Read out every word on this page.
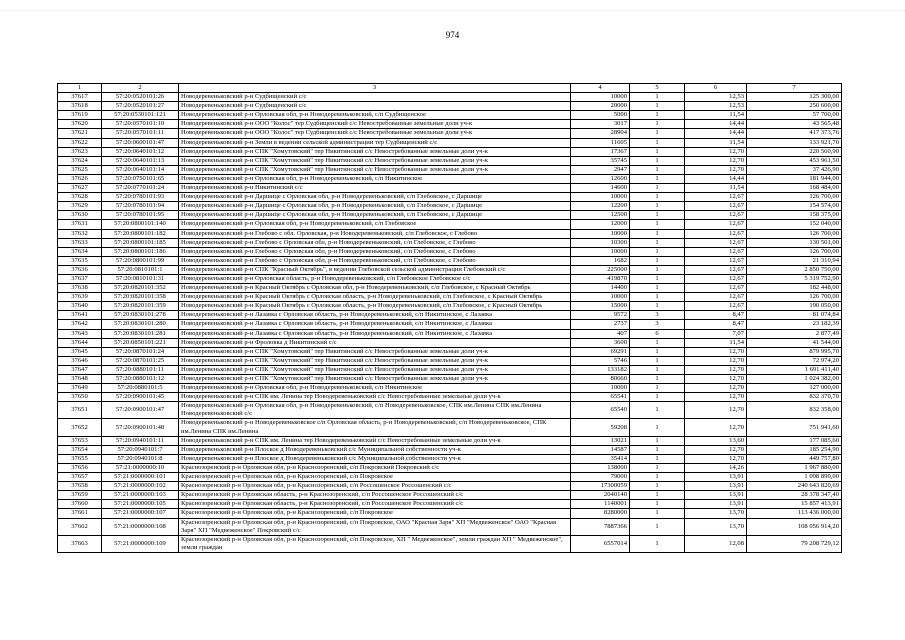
974
1	2	3	4	5	6	7
37617	57:20:0520101:26	Новодеревеньковский р-н Судбищенский с/с	10000	1	12,53	125 300,00
37618	57:20:0520101:27	Новодеревеньковский р-н Судбищенский с/с	20000	1	12,53	250 600,00
37619	57:20:0530101:121	Новодеревеньковский р-н Орловская обл, р-н Новодеревеньковский, с/п Судбищенское	5000	1	11,54	57 700,00
37620	57:20:0570101:10	Новодеревеньковский р-н ООО "Колос" тер Судбищенский с/с Невостребованные земельные доли уч-к	3017	1	14,44	43 565,48
37621	57:20:0570101:11	Новодеревеньковский р-н ООО "Колос" тер Судбищенский с/с Невостребованные земельные доли уч-к	28904	1	14,44	417 373,76
37622	57:20:0600101:47	Новодеревеньковский р-н Земли в ведении сельской администрации тер Судбищенский с/с	11605	1	11,54	133 921,70
37623	57:20:0640101:12	Новодеревеньковский р-н СПК "Хомутовский" тер Никитинский с/с Невостребованные земельные доли уч-к	17367	1	12,70	220 560,90
37624	57:20:0640101:13	Новодеревеньковский р-н СПК "Хомутовский" тер Никитинский с/с Невостребованные земельные доли уч-к	35745	1	12,70	453 961,50
37625	57:20:0640101:14	Новодеревеньковский р-н СПК "Хомутовский" тер Никитинский с/с Невостребованные земельные доли уч-к	2947	1	12,70	37 426,90
37626	57:20:0750101:65	Новодеревеньковский р-н Орловская обл, р-н Новодеревеньковский, с/п Никитинское	12600	1	14,44	181 944,00
37627	57:20:0770101:24	Новодеревеньковский р-н Никитинский с/с	14600	1	11,54	168 484,00
37628	57:20:0780101:93	Новодеревеньковский р-н Даршице с Орловская обл, р-н Новодеревеньковский, с/п Глебовское, с Даршице	10000	1	12,67	126 700,00
37629	57:20:0780101:94	Новодеревеньковский р-н Даршице с Орловская обл, р-н Новодеревеньковский, с/п Глебовское, с Даршице	12200	1	12,67	154 574,00
37630	57:20:0780101:95	Новодеревеньковский р-н Даршице с Орловская обл, р-н Новодеревеньковский, с/п Глебовское, с Даршице	12500	1	12,67	158 375,00
37631	57:20:0800101:140	Новодеревеньковский р-н Орловская обл, р-н Новодеревеньковский, с/п Глебовское	12000	1	12,67	152 040,00
37632	57:20:0800101:182	Новодеревеньковский р-н Глебово с обл. Орловская, р-н Новодеревеньковский, с/п Глебовское, с Глебово	10000	1	12,67	126 700,00
37633	57:20:0800101:185	Новодеревеньковский р-н Глебово с Орловская обл, р-н Новодеревеньковский, с/п Глебовское, с Глебово	10300	1	12,67	130 501,00
37634	57:20:0800101:186	Новодеревеньковский р-н Глебово с Орловская обл, р-н Новодеревеньковский, с/п Глебовское, с Глебово	10000	1	12,67	126 700,00
37635	57:20:0800101:99	Новодеревеньковский р-н Глебово с Орловская обл, р-н Новодеревеньковский, с/п Глебовское, с Глебово	1682	1	12,67	21 310,94
37636	57:20:0810101:1	Новодеревеньковский р-н СПК "Красный Октябрь", в ведении Глебовской сельской администрации Глебовский с/с	225000	1	12,67	2 850 750,00
37637	57:20:0810101:31	Новодеревеньковский р-н Орловская область, р-н Новодеревеньковский, с/п Глебовское Глебовское с/с	419870	1	12,67	5 319 752,90
37638	57:20:0820101:352	Новодеревеньковский р-н Красный Октябрь с Орловская обл, р-н Новодеревеньковский, с/п Глебовское, с Красный Октябрь	14400	1	12,67	182 448,00
37639	57:20:0820101:358	Новодеревеньковский р-н Красный Октябрь с Орловская область, р-н Новодеревеньковский, с/п Глебовское, с Красный Октябрь	10000	1	12,67	126 700,00
37640	57:20:0820101:359	Новодеревеньковский р-н Красный Октябрь с Орловская область, р-н Новодеревеньковский, с/п Глебовское, с Красный Октябрь	15000	1	12,67	190 050,00
37641	57:20:0830101:278	Новодеревеньковский р-н Лазавка с Орловская область, р-н Новодеревеньковский, с/п Никитинское, с Лазавка	9572	3	8,47	81 074,84
37642	57:20:0830101:280	Новодеревеньковский р-н Лазавка с Орловская область, р-н Новодеревеньковский, с/п Никитинское, с Лазавка	2737	3	8,47	23 182,39
37643	57:20:0830101:281	Новодеревеньковский р-н Лазавка с Орловская область, р-н Новодеревеньковский, с/п Никитинское, с Лазавка	407	6	7,07	2 877,49
37644	57:20:0850101:221	Новодеревеньковский р-н Фроловка д Никитинский с/с	3600	1	11,54	41 544,00
37645	57:20:0870101:24	Новодеревеньковский р-н СПК "Хомутовский" тер Никитинский с/с Невостребованные земельные доли уч-к	69291	1	12,70	879 995,70
37646	57:20:0870101:25	Новодеревеньковский р-н СПК "Хомутовский" тер Никитинский с/с Невостребованные земельные доли уч-к	5746	1	12,70	72 974,20
37647	57:20:0880101:11	Новодеревеньковский р-н СПК "Хомутовский" тер Никитинский с/с Невостребованные земельные доли уч-к	133182	1	12,70	1 691 411,40
37648	57:20:0880101:12	Новодеревеньковский р-н СПК "Хомутовский" тер Никитинский с/с Невостребованные земельные доли уч-к	80660	1	12,70	1 024 382,00
37649	57:20:0880101:5	Новодеревеньковский р-н Орловская обл, р-н Новодеревеньковский, с/п Никитинское	10000	1	12,70	127 000,00
37650	57:20:0900101:45	Новодеревеньковский р-н СПК им. Ленина тер Новодеревеньковский с/с Невостребованные земельные доли уч-к	65541	1	12,70	832 370,70
37651	57:20:0900101:47	Новодеревеньковский р-н Орловская обл, р-н Новодеревеньковский, с/п Новодеревеньковское, СПК им.Ленина СПК им.Ленина Новодеревеньковский с/с	65540	1	12,70	832 358,00
37652	57:20:0900101:48	Новодеревеньковский р-н Новодеревеньковское с/п Орловская область, р-н Новодеревеньковский, с/п Новодеревеньковское, СПК им.Ленина СПК им.Ленина	59208	1	12,70	751 941,60
37653	57:20:0940101:11	Новодеревеньковский р-н СПК им. Ленина тер Новодеревеньковский с/с Невостребованные земельные доли уч-к	13021	1	13,60	177 085,60
37654	57:20:0940101:7	Новодеревеньковский р-н Плоское д Новодеревеньковский с/с Муниципальной собственности уч-к	14587	1	12,70	185 254,90
37655	57:20:0940101:8	Новодеревеньковский р-н Плоское д Новодеревеньковский с/с Муниципальной собственности уч-к	35414	1	12,70	449 757,80
37656	57:21:0000000:10	Краснозоренский р-н Орловская обл, р-н Краснозоренский, с/п Покровский Покровский с/с	138000	1	14,26	1 967 880,00
37657	57:21:0000000:101	Краснозоренский р-н Орловская обл, р-н Краснозоренский, с/п Покровское	79000	1	13,91	1 098 890,00
37658	57:21:0000000:102	Краснозоренский р-н Орловская обл, р-н Краснозоренский, с/п Россошенское Россошенский с/с	17300059	1	13,91	240 643 820,69
37659	57:21:0000000:103	Краснозоренский р-н Орловская область, р-н Краснозоренский, с/п Россошенское Россошенский с/с	2040140	1	13,91	28 378 347,40
37660	57:21:0000000:105	Краснозоренский р-н Орловская область, р-н Краснозоренский, с/п Россошенское Россошенский с/с	1140001	1	13,91	15 857 413,91
37661	57:21:0000000:107	Краснозоренский р-н Орловская обл, р-н Краснозоренский, с/п Покровское	8280000	1	13,70	113 436 000,00
37662	57:21:0000000:108	Краснозоренский р-н Орловская обл, р-н Краснозоренский, с/п Покровское, ОАО "Красная Заря" ХП "Медвеженское" ОАО "Красная Заря" ХП "Медвеженское" Покровский с/с	7887366	1	13,70	108 056 914,20
37663	57:21:0000000:109	Краснозоренский р-н Орловская обл, р-н Краснозоренский, с/п Покровское, ХП " Медвеженское", земли граждан ХП " Медвеженское", земли граждан	6557014	1	12,08	79 208 729,12
